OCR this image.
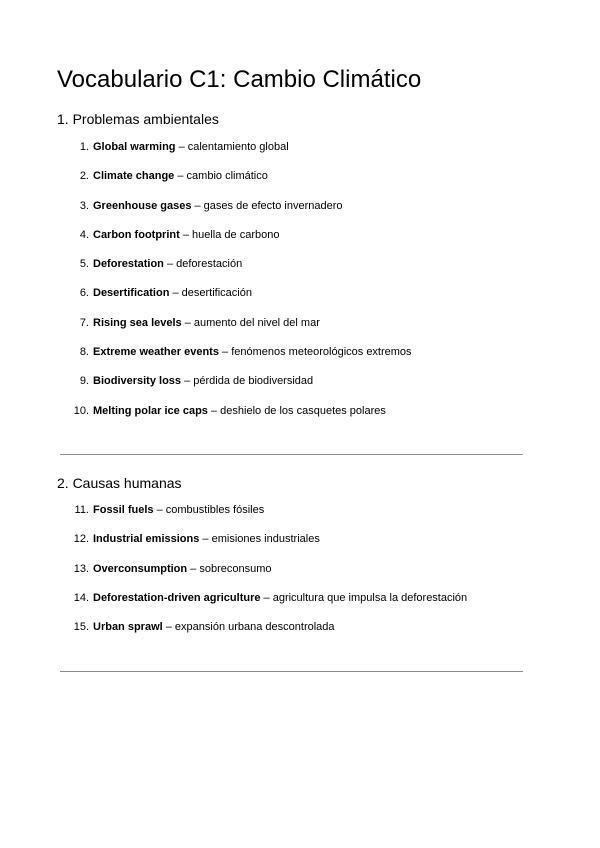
Vocabulario C1: Cambio Climático
1. Problemas ambientales
1. Global warming – calentamiento global
2. Climate change – cambio climático
3. Greenhouse gases – gases de efecto invernadero
4. Carbon footprint – huella de carbono
5. Deforestation – deforestación
6. Desertification – desertificación
7. Rising sea levels – aumento del nivel del mar
8. Extreme weather events – fenómenos meteorológicos extremos
9. Biodiversity loss – pérdida de biodiversidad
10. Melting polar ice caps – deshielo de los casquetes polares
2. Causas humanas
11. Fossil fuels – combustibles fósiles
12. Industrial emissions – emisiones industriales
13. Overconsumption – sobreconsumo
14. Deforestation-driven agriculture – agricultura que impulsa la deforestación
15. Urban sprawl – expansión urbana descontrolada
